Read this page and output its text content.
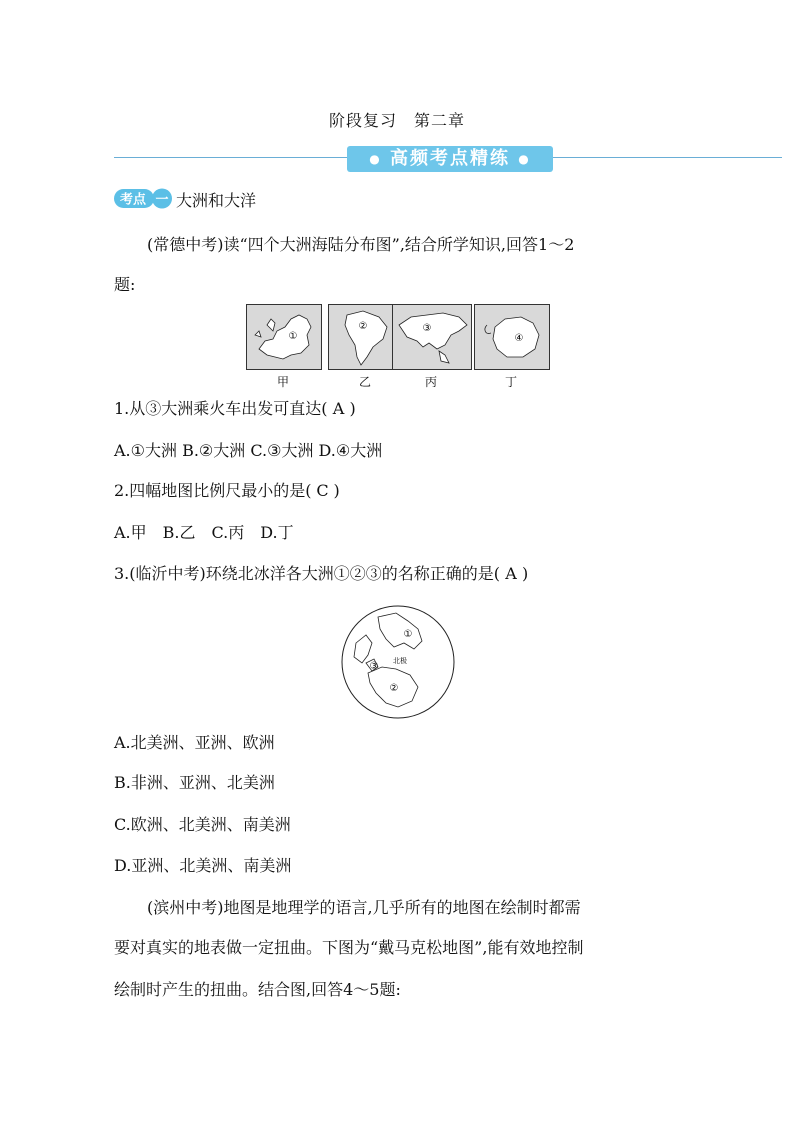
阶段复习　第二章
● 高频考点精练 ●
考点 一 大洲和大洋
(常德中考)读“四个大洲海陆分布图”,结合所学知识,回答1～2
题:
①
②	③
④
甲	乙	丙	丁
1.从③大洲乘火车出发可直达( A )
A.①大洲 B.②大洲 C.③大洲 D.④大洲
2.四幅地图比例尺最小的是( C )
A.甲　B.乙　C.丙　D.丁
3.(临沂中考)环绕北冰洋各大洲①②③的名称正确的是( A )
①
②
③ 北极
A.北美洲、亚洲、欧洲
B.非洲、亚洲、北美洲
C.欧洲、北美洲、南美洲
D.亚洲、北美洲、南美洲
(滨州中考)地图是地理学的语言,几乎所有的地图在绘制时都需
要对真实的地表做一定扭曲。下图为“戴马克松地图”,能有效地控制
绘制时产生的扭曲。结合图,回答4～5题:
